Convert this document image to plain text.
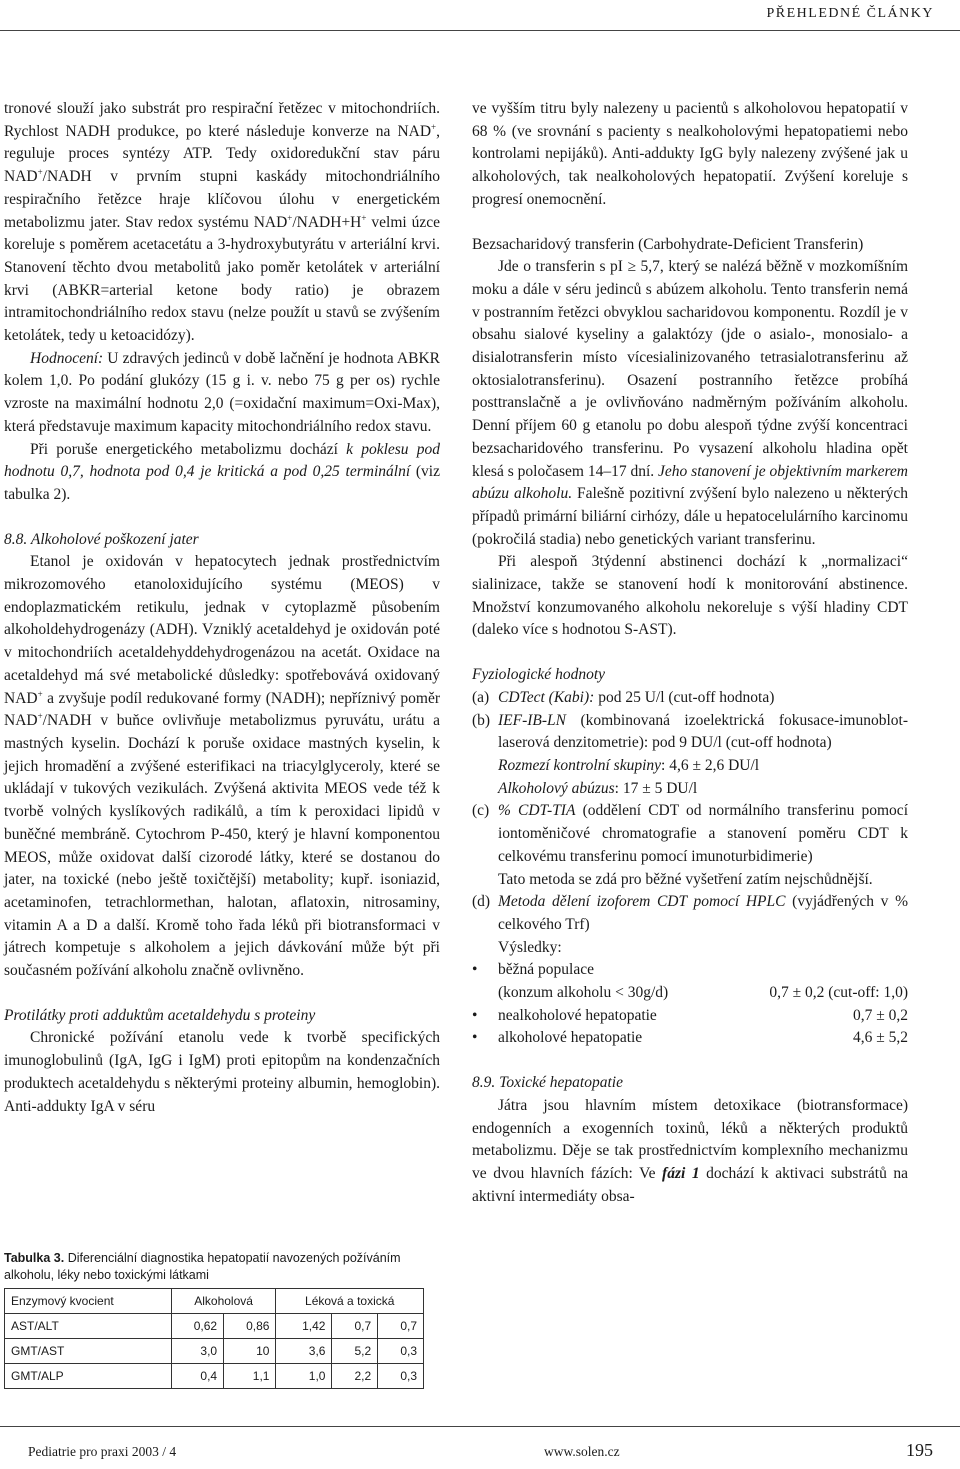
PŘEHLEDNÉ ČLÁNKY

tronové slouží jako substrát pro respirační řetězec v mitochondriích. Rychlost NADH produkce, po které následuje konverze na NAD+, reguluje proces syntézy ATP. Tedy oxidoredukční stav páru NAD+/NADH v prvním stupni kaskády mitochondriálního respiračního řetězce hraje klíčovou úlohu v energetickém metabolizmu jater. Stav redox systému NAD+/NADH+H+ velmi úzce koreluje s poměrem acetacetátu a 3-hydroxybutyrátu v arteriální krvi. Stanovení těchto dvou metabolitů jako poměr ketolátek v arteriální krvi (ABKR=arterial ketone body ratio) je obrazem intramitochondriálního redox stavu (nelze použít u stavů se zvýšením ketolátek, tedy u ketoacidózy).

Hodnocení: U zdravých jedinců v době lačnění je hodnota ABKR kolem 1,0. Po podání glukózy (15 g i. v. nebo 75 g per os) rychle vzroste na maximální hodnotu 2,0 (=oxidační maximum=Oxi-Max), která představuje maximum kapacity mitochondriálního redox stavu.

Při poruše energetického metabolizmu dochází k poklesu pod hodnotu 0,7, hodnota pod 0,4 je kritická a pod 0,25 terminální (viz tabulka 2).

8.8. Alkoholové poškození jater

Etanol je oxidován v hepatocytech jednak prostřednictvím mikrozomového etanoloxidujícího systému (MEOS) v endoplazmatickém retikulu, jednak v cytoplazmě působením alkoholdehydrogenázy (ADH). Vzniklý acetaldehyd je oxidován poté v mitochondriích acetaldehyddehydrogenázou na acetát. Oxidace na acetaldehyd má své metabolické důsledky: spotřebovává oxidovaný NAD+ a zvyšuje podíl redukované formy (NADH); nepříznivý poměr NAD+/NADH v buňce ovlivňuje metabolizmus pyruvátu, urátu a mastných kyselin. Dochází k poruše oxidace mastných kyselin, k jejich hromadění a zvýšené esterifikaci na triacylglyceroly, které se ukládají v tukových vezikulách. Zvýšená aktivita MEOS vede též k tvorbě volných kyslíkových radikálů, a tím k peroxidaci lipidů v buněčné membráně. Cytochrom P-450, který je hlavní komponentou MEOS, může oxidovat další cizorodé látky, které se dostanou do jater, na toxické (nebo ještě toxičtější) metabolity; kupř. isoniazid, acetaminofen, tetrachlormethan, halotan, aflatoxin, nitrosaminy, vitamin A a D a další. Kromě toho řada léků při biotransformaci v játrech kompetuje s alkoholem a jejich dávkování může být při současném požívání alkoholu značně ovlivněno.

Protilátky proti adduktům acetaldehydu s proteiny

Chronické požívání etanolu vede k tvorbě specifických imunoglobulinů (IgA, IgG i IgM) proti epitopům na kondenzačních produktech acetaldehydu s některými proteiny albumin, hemoglobin). Anti-addukty IgA v séru

ve vyšším titru byly nalezeny u pacientů s alkoholovou hepatopatií v 68 % (ve srovnání s pacienty s nealkoholovými hepatopatiemi nebo kontrolami nepijáků). Anti-addukty IgG byly nalezeny zvýšené jak u alkoholových, tak nealkoholových hepatopatií. Zvýšení koreluje s progresí onemocnění.

Bezsacharidový transferin (Carbohydrate-Deficient Transferin)

Jde o transferin s pI ≥ 5,7, který se nalézá běžně v mozkomíšním moku a dále v séru jedinců s abúzem alkoholu. Tento transferin nemá v postranním řetězci obvyklou sacharidovou komponentu. Rozdíl je v obsahu sialové kyseliny a galaktózy (jde o asialo-, monosialo- a disialotransferin místo vícesialinizovaného tetrasialotransferinu až oktosialotransferinu). Osazení postranního řetězce probíhá posttranslačně a je ovlivňováno nadměrným požíváním alkoholu. Denní příjem 60 g etanolu po dobu alespoň týdne zvýší koncentraci bezsacharidového transferinu. Po vysazení alkoholu hladina opět klesá s poločasem 14–17 dní. Jeho stanovení je objektivním markerem abúzu alkoholu. Falešně pozitivní zvýšení bylo nalezeno u některých případů primární biliární cirhózy, dále u hepatocelulárního karcinomu (pokročilá stadia) nebo genetických variant transferinu.

Při alespoň 3týdenní abstinenci dochází k „normalizaci“ sialinizace, takže se stanovení hodí k monitorování abstinence. Množství konzumovaného alkoholu nekoreluje s výší hladiny CDT (daleko více s hodnotou S-AST).

Fyziologické hodnoty

(a) CDTect (Kabi): pod 25 U/l (cut-off hodnota)
(b) IEF-IB-LN (kombinovaná izoelektrická fokusace-imunoblot-laserová denzitometrie): pod 9 DU/l (cut-off hodnota)
Rozmezí kontrolní skupiny: 4,6 ± 2,6 DU/l
Alkoholový abúzus: 17 ± 5 DU/l
(c) % CDT-TIA (oddělení CDT od normálního transferinu pomocí iontoměničové chromatografie a stanovení poměru CDT k celkovému transferinu pomocí imunoturbidimerie)
Tato metoda se zdá pro běžné vyšetření zatím nejschůdnější.
(d) Metoda dělení izoforem CDT pomocí HPLC (vyjádřených v % celkového Trf)
Výsledky:
•	běžná populace
(konzum alkoholu < 30g/d)	0,7 ± 0,2 (cut-off: 1,0)
•	nealkoholové hepatopatie	0,7 ± 0,2
•	alkoholové hepatopatie	4,6 ± 5,2

8.9. Toxické hepatopatie

Játra jsou hlavním místem detoxikace (biotransformace) endogenních a exogenních toxinů, léků a některých produktů metabolizmu. Děje se tak prostřednictvím komplexního mechanizmu ve dvou hlavních fázích: Ve fázi 1 dochází k aktivaci substrátů na aktivní intermediáty obsa-

Tabulka 3. Diferenciální diagnostika hepatopatií navozených požíváním alkoholu, léky nebo toxickými látkami
Enzymový kvocient	Alkoholová		Léková a toxická		
AST/ALT	0,62	0,86	1,42	0,7	0,7
GMT/AST	3,0	10	3,6	5,2	0,3
GMT/ALP	0,4	1,1	1,0	2,2	0,3
Pediatrie pro praxi 2003 / 4	www.solen.cz	195
